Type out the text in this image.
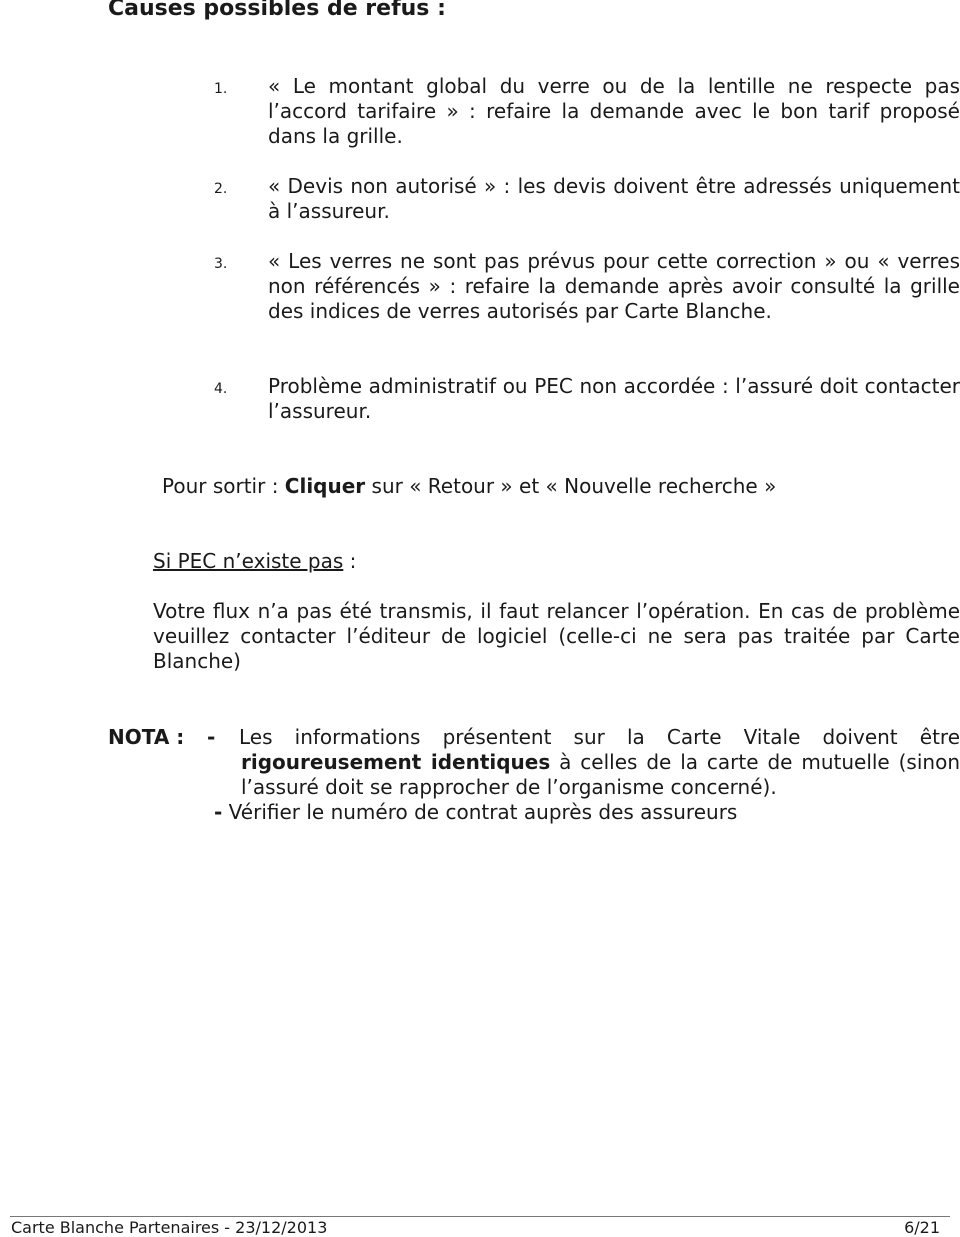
Causes possibles de refus :
1. « Le montant global du verre ou de la lentille ne respecte pas l’accord tarifaire » : refaire la demande avec le bon tarif proposé dans la grille.
2. « Devis non autorisé » : les devis doivent être adressés uniquement à l’assureur.
3. « Les verres ne sont pas prévus pour cette correction » ou « verres non référencés » : refaire la demande après avoir consulté la grille des indices de verres autorisés par Carte Blanche.
4. Problème administratif ou PEC non accordée : l’assuré doit contacter l’assureur.
Pour sortir : Cliquer sur « Retour » et « Nouvelle recherche »
Si PEC n’existe pas :
Votre flux n’a pas été transmis, il faut relancer l’opération. En cas de problème veuillez contacter l’éditeur de logiciel (celle-ci ne sera pas traitée par Carte Blanche)
NOTA : - Les informations présentent sur la Carte Vitale doivent être
rigoureusement identiques à celles de la carte de mutuelle (sinon l’assuré doit se rapprocher de l’organisme concerné).
- Vérifier le numéro de contrat auprès des assureurs
Carte Blanche Partenaires - 23/12/2013	6/21
